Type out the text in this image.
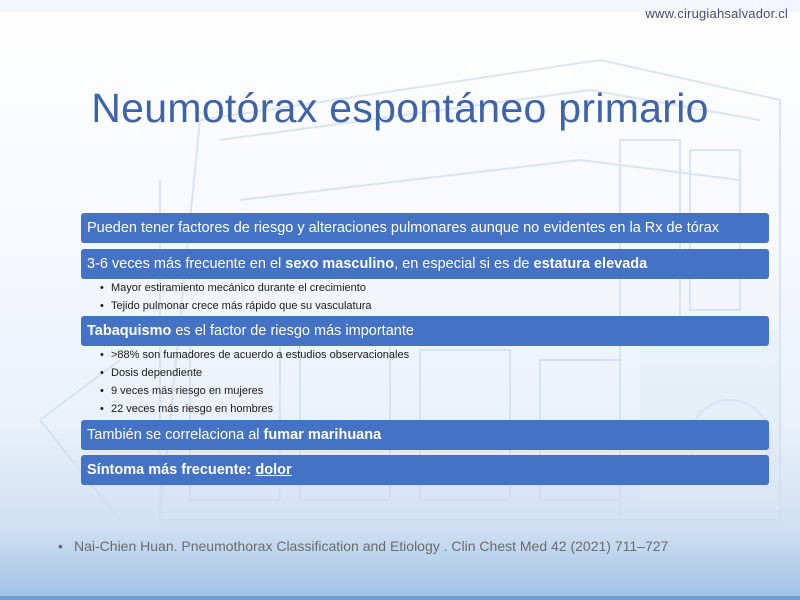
www.cirugiahsalvador.cl
Neumotórax espontáneo primario
Pueden tener factores de riesgo y alteraciones pulmonares aunque no evidentes en la Rx de tórax
3-6 veces más frecuente en el sexo masculino, en especial si es de estatura elevada
• Mayor estiramiento mecánico durante el crecimiento
• Tejido pulmonar crece más rápido que su vasculatura
Tabaquismo es el factor de riesgo más importante
• >88% son fumadores de acuerdo a estudios observacionales
• Dosis dependiente
• 9 veces más riesgo en mujeres
• 22 veces más riesgo en hombres
También se correlaciona al fumar marihuana
Síntoma más frecuente: dolor
• Nai-Chien Huan. Pneumothorax Classification and Etiology . Clin Chest Med 42 (2021) 711–727
